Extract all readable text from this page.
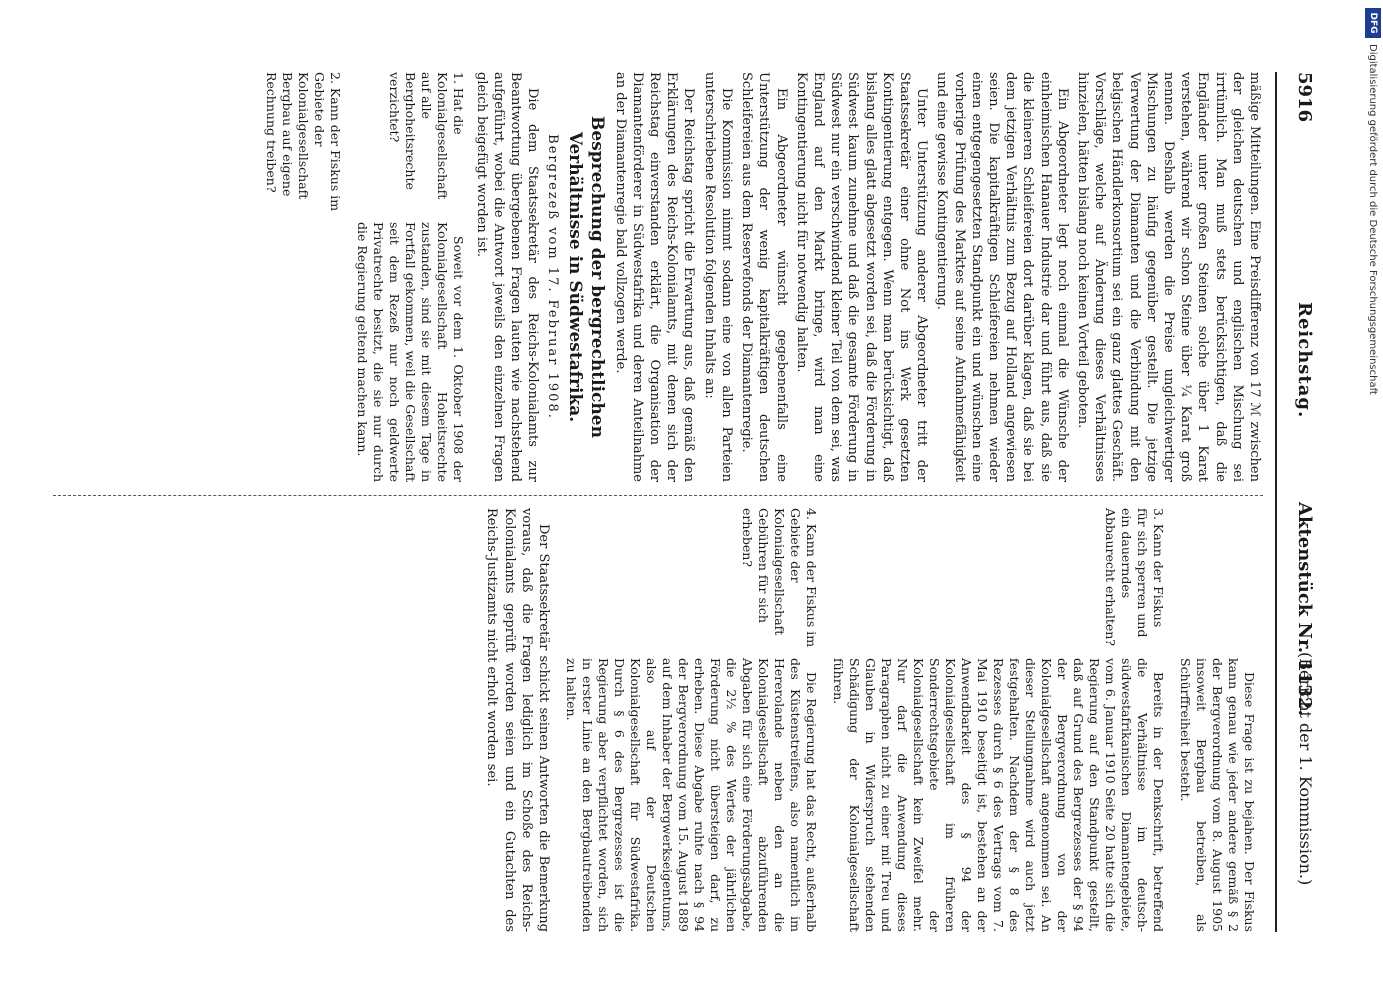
5916
Reichstag.
Aktenstück Nr. 1132.
(Bericht der 1. Kommission.)

mäßige Mitteilungen. Eine Preisdifferenz von 17 ℳ zwischen der gleichen deutschen und englischen Mischung sei irrtümlich. Man muß stets berücksichtigen, daß die Engländer unter großen Steinen solche über 1 Karat verstehen, während wir schon Steine über ¼ Karat groß nennen. Deshalb werden die Preise ungleichwertiger Mischungen zu häufig gegenüber gestellt. Die jetzige Verwertung der Diamanten und die Verbindung mit den belgischen Händlerkonsortium sei ein ganz glattes Geschäft. Vorschläge, welche auf Änderung dieses Verhältnisses hinzielen, hätten bislang noch keinen Vorteil geboten.

Ein Abgeordneter legt noch einmal die Wünsche der einheimischen Hanauer Industrie dar und führt aus, daß sie die kleineren Schleifereien dort darüber klagen, daß sie bei dem jetzigen Verhältnis zum Bezug auf Holland angewiesen seien. Die kapitalkräftigen Schleifereien nehmen wieder einen entgegengesetzten Standpunkt ein und wünschen eine vorherige Prüfung des Marktes auf seine Aufnahmefähigkeit und eine gewisse Kontingentierung.

Unter Unterstützung anderer Abgeordneter tritt der Staatssekretär einer ohne Not ins Werk gesetzten Kontingentierung entgegen. Wenn man berücksichtigt, daß bislang alles glatt abgesetzt worden sei, daß die Förderung in Südwest kaum zunehme und daß die gesamte Förderung in Südwest nur ein verschwindend kleiner Teil von dem sei, was England auf den Markt bringe, wird man eine Kontingentierung nicht für notwendig halten.

Ein Abgeordneter wünscht gegebenenfalls eine Unterstützung der wenig kapitalkräftigen deutschen Schleifereien aus dem Reservefonds der Diamantenregie.

Die Kommission nimmt sodann eine von allen Parteien unterschriebene Resolution folgenden Inhalts an:

Der Reichstag spricht die Erwartung aus, daß gemäß den Erklärungen des Reichs-Kolonialamts, mit denen sich der Reichstag einverstanden erklärt, die Organisation der Diamantenförderer in Südwestafrika und deren Anteilnahme an der Diamantenregie bald vollzogen werde.

Besprechung der bergrechtlichen Verhältnisse in Südwestafrika.

Bergrezeß vom 17. Februar 1908.

Die dem Staatssekretär des Reichs-Kolonialamts zur Beantwortung übergebenen Fragen lauten wie nachstehend aufgeführt, wobei die Antwort jeweils den einzelnen Fragen gleich beigefügt worden ist.

1. Hat die Kolonialgesellschaft auf alle Berghoheitsrechte verzichtet?

Soweit vor dem 1. Oktober 1908 der Kolonialgesellschaft Hoheitsrechte zustanden, sind sie mit diesem Tage in Fortfall gekommen, weil die Gesellschaft seit dem Rezeß nur noch geldwerte Privatrechte besitzt, die sie nur durch die Regierung geltend machen kann.

2. Kann der Fiskus im Gebiete der Kolonialgesellschaft Bergbau auf eigene Rechnung treiben?

Diese Frage ist zu bejahen. Der Fiskus kann genau wie jeder andere gemäß § 2 der Bergverordnung vom 8. August 1905 insoweit Bergbau betreiben, als Schürffreiheit besteht.

3. Kann der Fiskus für sich sperren und ein dauerndes Abbaurecht erhalten?

Bereits in der Denkschrift, betreffend die Verhältnisse im deutsch-südwestafrikanischen Diamantengebiete, vom 6. Januar 1910 Seite 20 hatte sich die Regierung auf den Standpunkt gestellt, daß auf Grund des Bergrezesses der § 94 der Bergverordnung von der Kolonialgesellschaft angenommen sei. An dieser Stellungnahme wird auch jetzt festgehalten. Nachdem der § 8 des Rezesses durch § 6 des Vertrags vom 7. Mai 1910 beseitigt ist, bestehen an der Anwendbarkeit des § 94 der Kolonialgesellschaft im früheren Sonderrechtsgebiete der Kolonialgesellschaft kein Zweifel mehr. Nur darf die Anwendung dieses Paragraphen nicht zu einer mit Treu und Glauben in Widerspruch stehenden Schädigung der Kolonialgesellschaft führen.

4. Kann der Fiskus im Gebiete der Kolonialgesellschaft Gebühren für sich erheben?

Die Regierung hat das Recht, außerhalb des Küstenstreifens, also namentlich im Hererolande neben den an die Kolonialgesellschaft abzuführenden Abgaben für sich eine Förderungsabgabe, die 2½ % des Wertes der jährlichen Förderung nicht übersteigen darf, zu erheben. Diese Abgabe ruhte nach § 94 der Bergverordnung vom 15. August 1889 auf dem Inhaber der Bergwerkseigentums, also auf der Deutschen Kolonialgesellschaft für Südwestafrika. Durch § 6 des Bergrezesses ist die Regierung aber verpflichtet worden, sich in erster Linie an den Bergbautreibenden zu halten.

Der Staatssekretär schickt seinen Antworten die Bemerkung voraus, daß die Fragen lediglich im Schoße des Reichs-Kolonialamts geprüft worden seien und ein Gutachten des Reichs-Justizamts nicht erholt worden sei.

DFG
Digitalisierung gefördert durch die Deutsche Forschungsgemeinschaft
